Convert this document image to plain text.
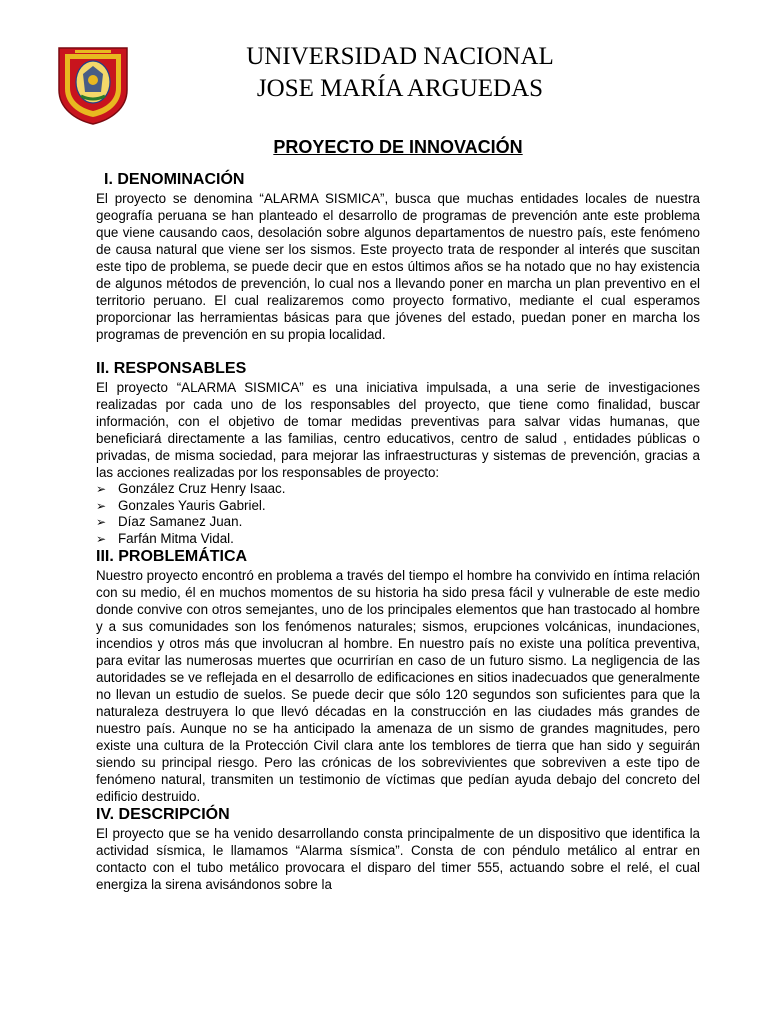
UNIVERSIDAD NACIONAL
JOSE MARÍA ARGUEDAS
PROYECTO DE INNOVACIÓN

I. DENOMINACIÓN

El proyecto se denomina “ALARMA SISMICA”, busca que muchas entidades locales de nuestra geografía peruana se han planteado el desarrollo de programas de prevención ante este problema que viene causando caos, desolación sobre algunos departamentos de nuestro país, este fenómeno de causa natural que viene ser los sismos. Este proyecto trata de responder al interés que suscitan este tipo de problema, se puede decir que en estos últimos años se ha notado que no hay existencia de algunos métodos de prevención, lo cual nos a llevando poner en marcha un plan preventivo en el territorio peruano. El cual realizaremos como proyecto formativo, mediante el cual esperamos proporcionar las herramientas básicas para que jóvenes del estado, puedan poner en marcha los programas de prevención en su propia localidad.

II. RESPONSABLES

El proyecto “ALARMA SISMICA” es una iniciativa impulsada, a una serie de investigaciones realizadas por cada uno de los responsables del proyecto, que tiene como finalidad, buscar información, con el objetivo de tomar medidas preventivas para salvar vidas humanas, que beneficiará directamente a las familias, centro educativos, centro de salud , entidades públicas o privadas, de misma sociedad, para mejorar las infraestructuras y sistemas de prevención, gracias a las acciones realizadas por los responsables de proyecto:

➢ González Cruz Henry Isaac.
➢ Gonzales Yauris Gabriel.
➢ Díaz Samanez Juan.
➢ Farfán Mitma Vidal.

III. PROBLEMÁTICA

Nuestro proyecto encontró en problema a través del tiempo el hombre ha convivido en íntima relación con su medio, él en muchos momentos de su historia ha sido presa fácil y vulnerable de este medio donde convive con otros semejantes, uno de los principales elementos que han trastocado al hombre y a sus comunidades son los fenómenos naturales; sismos, erupciones volcánicas, inundaciones, incendios y otros más que involucran al hombre. En nuestro país no existe una política preventiva, para evitar las numerosas muertes que ocurrirían en caso de un futuro sismo. La negligencia de las autoridades se ve reflejada en el desarrollo de edificaciones en sitios inadecuados que generalmente no llevan un estudio de suelos. Se puede decir que sólo 120 segundos son suficientes para que la naturaleza destruyera lo que llevó décadas en la construcción en las ciudades más grandes de nuestro país. Aunque no se ha anticipado la amenaza de un sismo de grandes magnitudes, pero existe una cultura de la Protección Civil clara ante los temblores de tierra que han sido y seguirán siendo su principal riesgo. Pero las crónicas de los sobrevivientes que sobreviven a este tipo de fenómeno natural, transmiten un testimonio de víctimas que pedían ayuda debajo del concreto del edificio destruido.

IV. DESCRIPCIÓN

El proyecto que se ha venido desarrollando consta principalmente de un dispositivo que identifica la actividad sísmica, le llamamos “Alarma sísmica”. Consta de con péndulo metálico al entrar en contacto con el tubo metálico provocara el disparo del timer 555, actuando sobre el relé, el cual energiza la sirena avisándonos sobre la
